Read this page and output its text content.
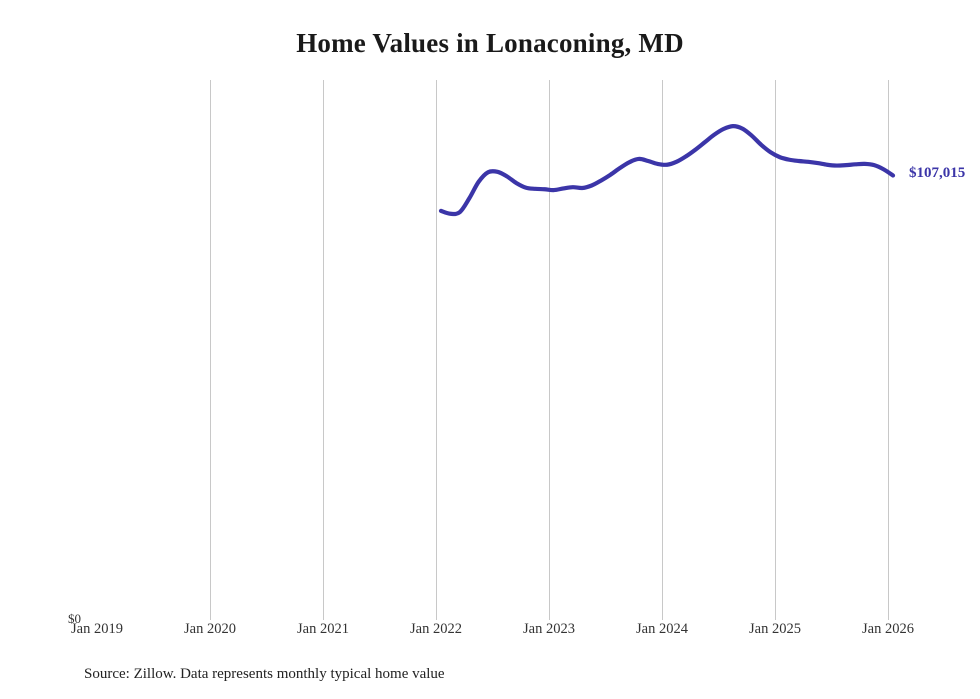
Home Values in Lonaconing, MD
$107,015
$0
Jan 2019	Jan 2020	Jan 2021	Jan 2022	Jan 2023	Jan 2024	Jan 2025	Jan 2026
Source: Zillow. Data represents monthly typical home value
